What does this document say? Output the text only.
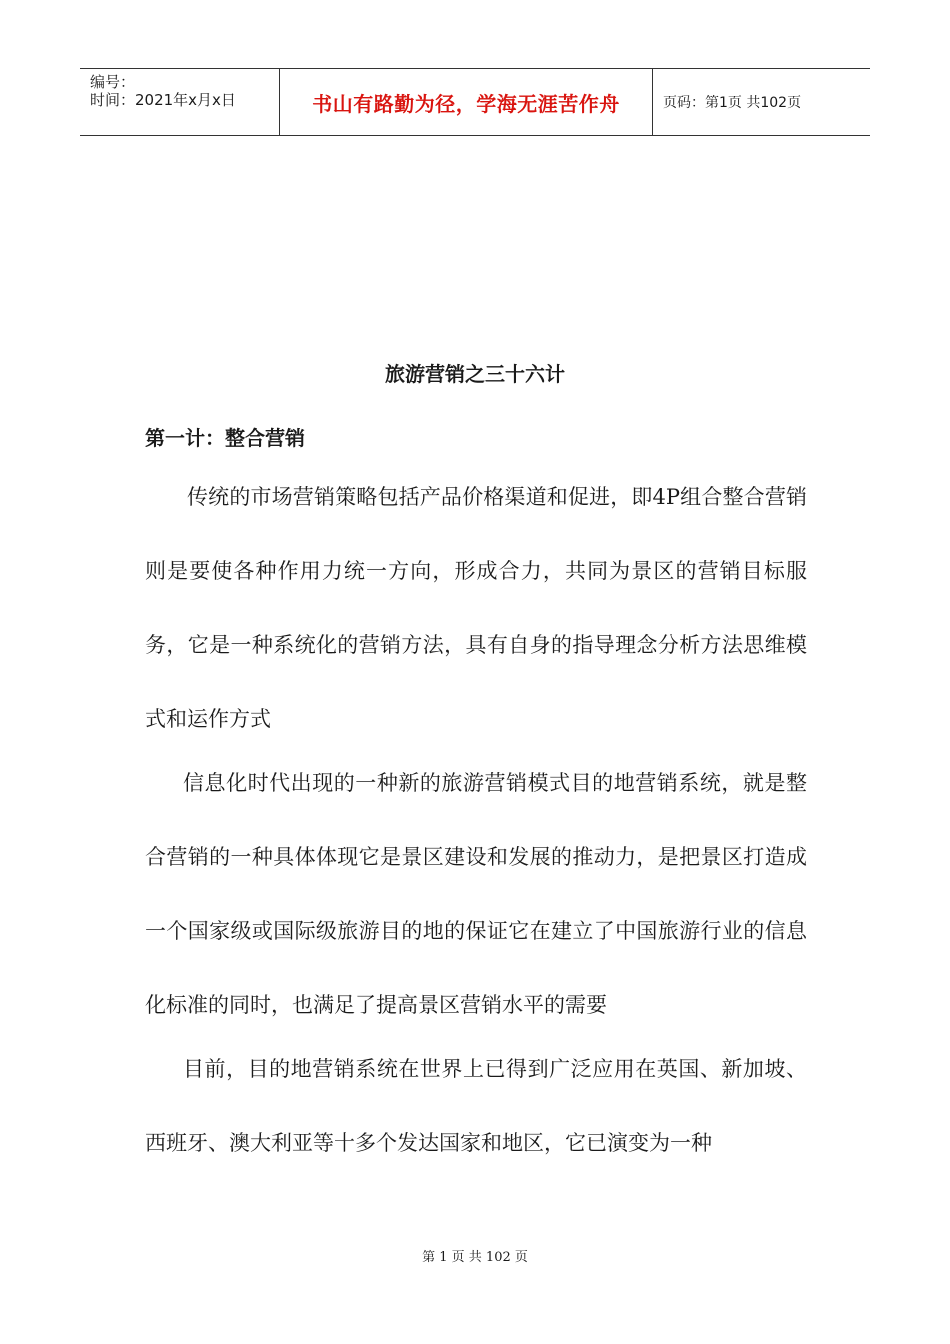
编号：
时间：2021年x月x日	书山有路勤为径，学海无涯苦作舟	页码：第1页 共102页
旅游营销之三十六计
第一计：整合营销

传统的市场营销策略包括产品价格渠道和促进，即4P组合整合营销则是要使各种作用力统一方向，形成合力，共同为景区的营销目标服务，它是一种系统化的营销方法，具有自身的指导理念分析方法思维模式和运作方式

信息化时代出现的一种新的旅游营销模式目的地营销系统，就是整合营销的一种具体体现它是景区建设和发展的推动力，是把景区打造成一个国家级或国际级旅游目的地的保证它在建立了中国旅游行业的信息化标准的同时，也满足了提高景区营销水平的需要

目前，目的地营销系统在世界上已得到广泛应用在英国、新加坡、西班牙、澳大利亚等十多个发达国家和地区，它已演变为一种

第 1 页 共 102 页
